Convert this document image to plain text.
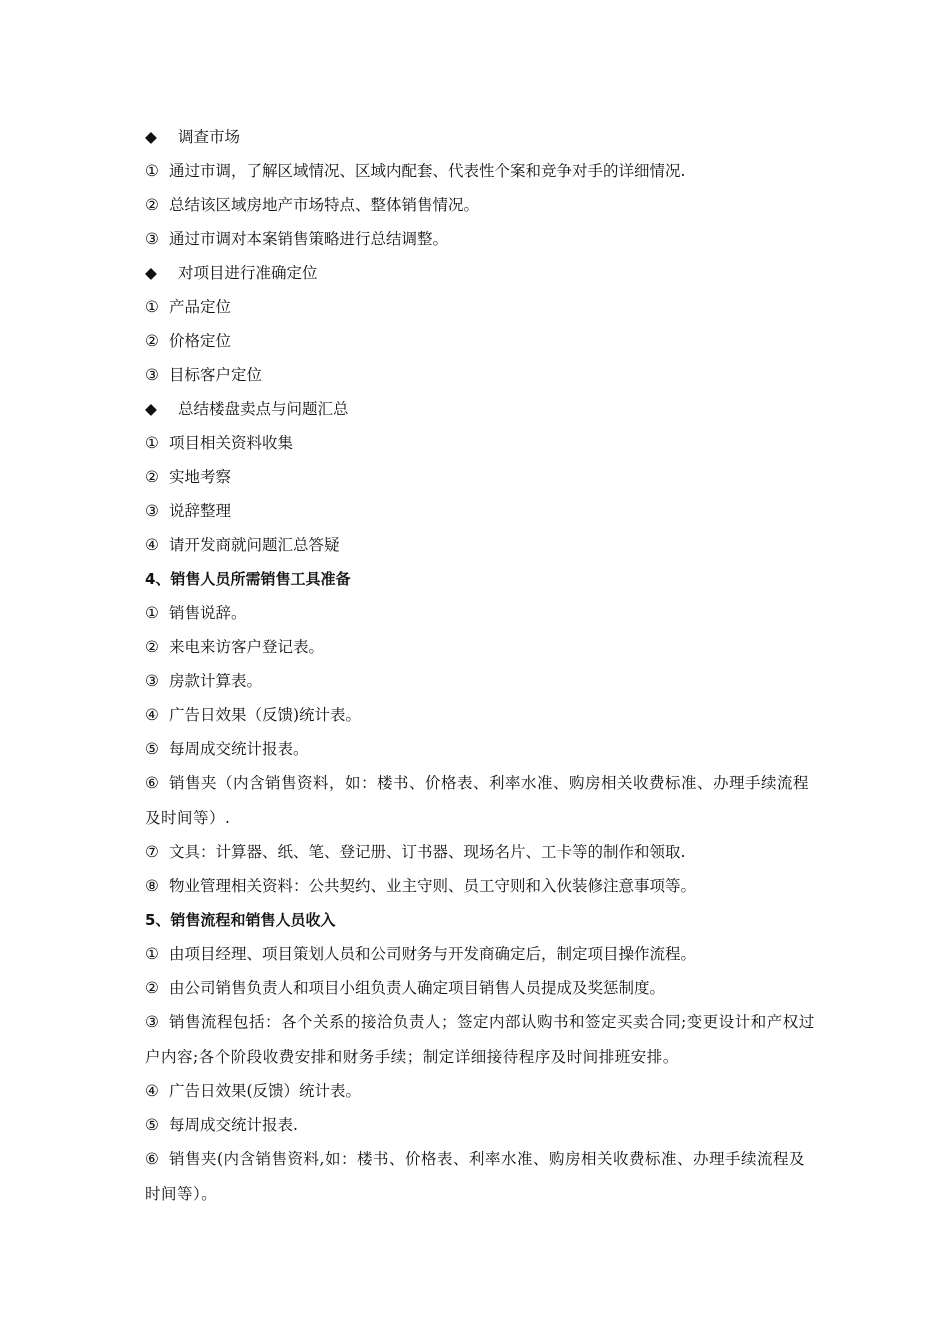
◆ 调查市场
① 通过市调，了解区域情况、区域内配套、代表性个案和竞争对手的详细情况.
② 总结该区域房地产市场特点、整体销售情况。
③ 通过市调对本案销售策略进行总结调整。
◆ 对项目进行准确定位
① 产品定位
② 价格定位
③ 目标客户定位
◆ 总结楼盘卖点与问题汇总
① 项目相关资料收集
② 实地考察
③ 说辞整理
④ 请开发商就问题汇总答疑
4、销售人员所需销售工具准备
① 销售说辞。
② 来电来访客户登记表。
③ 房款计算表。
④ 广告日效果（反馈)统计表。
⑤ 每周成交统计报表。
⑥ 销售夹（内含销售资料，如：楼书、价格表、利率水准、购房相关收费标准、办理手续流程及时间等）.
⑦ 文具：计算器、纸、笔、登记册、订书器、现场名片、工卡等的制作和领取.
⑧ 物业管理相关资料：公共契约、业主守则、员工守则和入伙装修注意事项等。
5、销售流程和销售人员收入
① 由项目经理、项目策划人员和公司财务与开发商确定后，制定项目操作流程。
② 由公司销售负责人和项目小组负责人确定项目销售人员提成及奖惩制度。
③ 销售流程包括：各个关系的接洽负责人；签定内部认购书和签定买卖合同;变更设计和产权过户内容;各个阶段收费安排和财务手续；制定详细接待程序及时间排班安排。
④ 广告日效果(反馈）统计表。
⑤ 每周成交统计报表.
⑥ 销售夹(内含销售资料,如：楼书、价格表、利率水准、购房相关收费标准、办理手续流程及时间等）。
